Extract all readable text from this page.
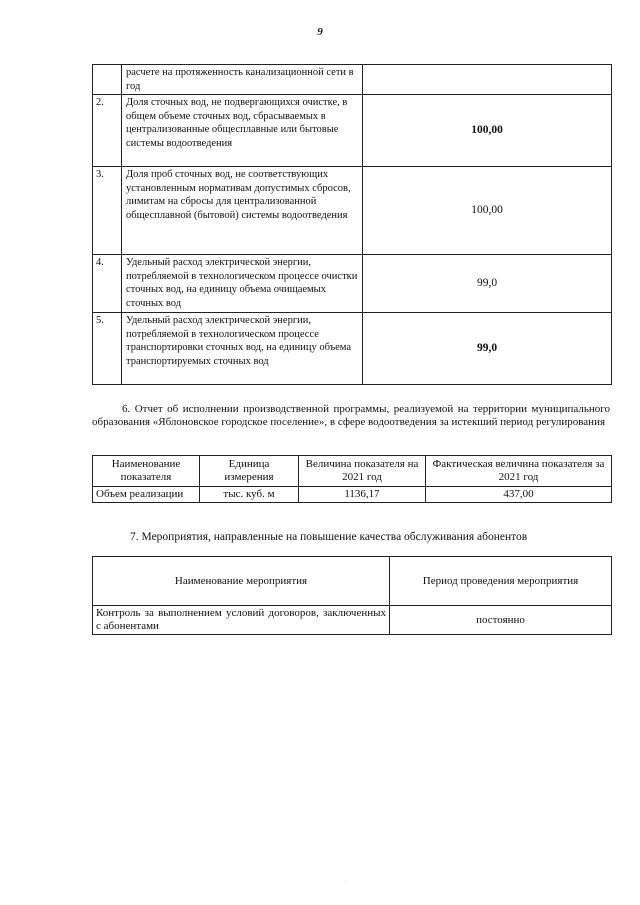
9
	расчете на протяженность канализационной сети в год	
2.	Доля сточных вод, не подвергающихся очистке, в общем объеме сточных вод, сбрасываемых в централизованные общесплавные или бытовые системы водоотведения	100,00
3.	Доля проб сточных вод, не соответствующих установленным нормативам допустимых сбросов, лимитам на сбросы для централизованной общесплавной (бытовой) системы водоотведения	100,00
4.	Удельный расход электрической энергии, потребляемой в технологическом процессе очистки сточных вод, на единицу объема очищаемых сточных вод	99,0
5.	Удельный расход электрической энергии, потребляемой в технологическом процессе транспортировки сточных вод, на единицу объема транспортируемых сточных вод	99,0
6. Отчет об исполнении производственной программы, реализуемой на территории муниципального образования «Яблоновское городское поселение», в сфере водоотведения за истекший период регулирования
Наименование показателя	Единица измерения	Величина показателя на 2021 год	Фактическая величина показателя за 2021 год
Объем реализации	тыс. куб. м	1136,17	437,00
7. Мероприятия, направленные на повышение качества обслуживания абонентов
Наименование мероприятия	Период проведения мероприятия
Контроль за выполнением условий договоров, заключенных с абонентами	постоянно
·
